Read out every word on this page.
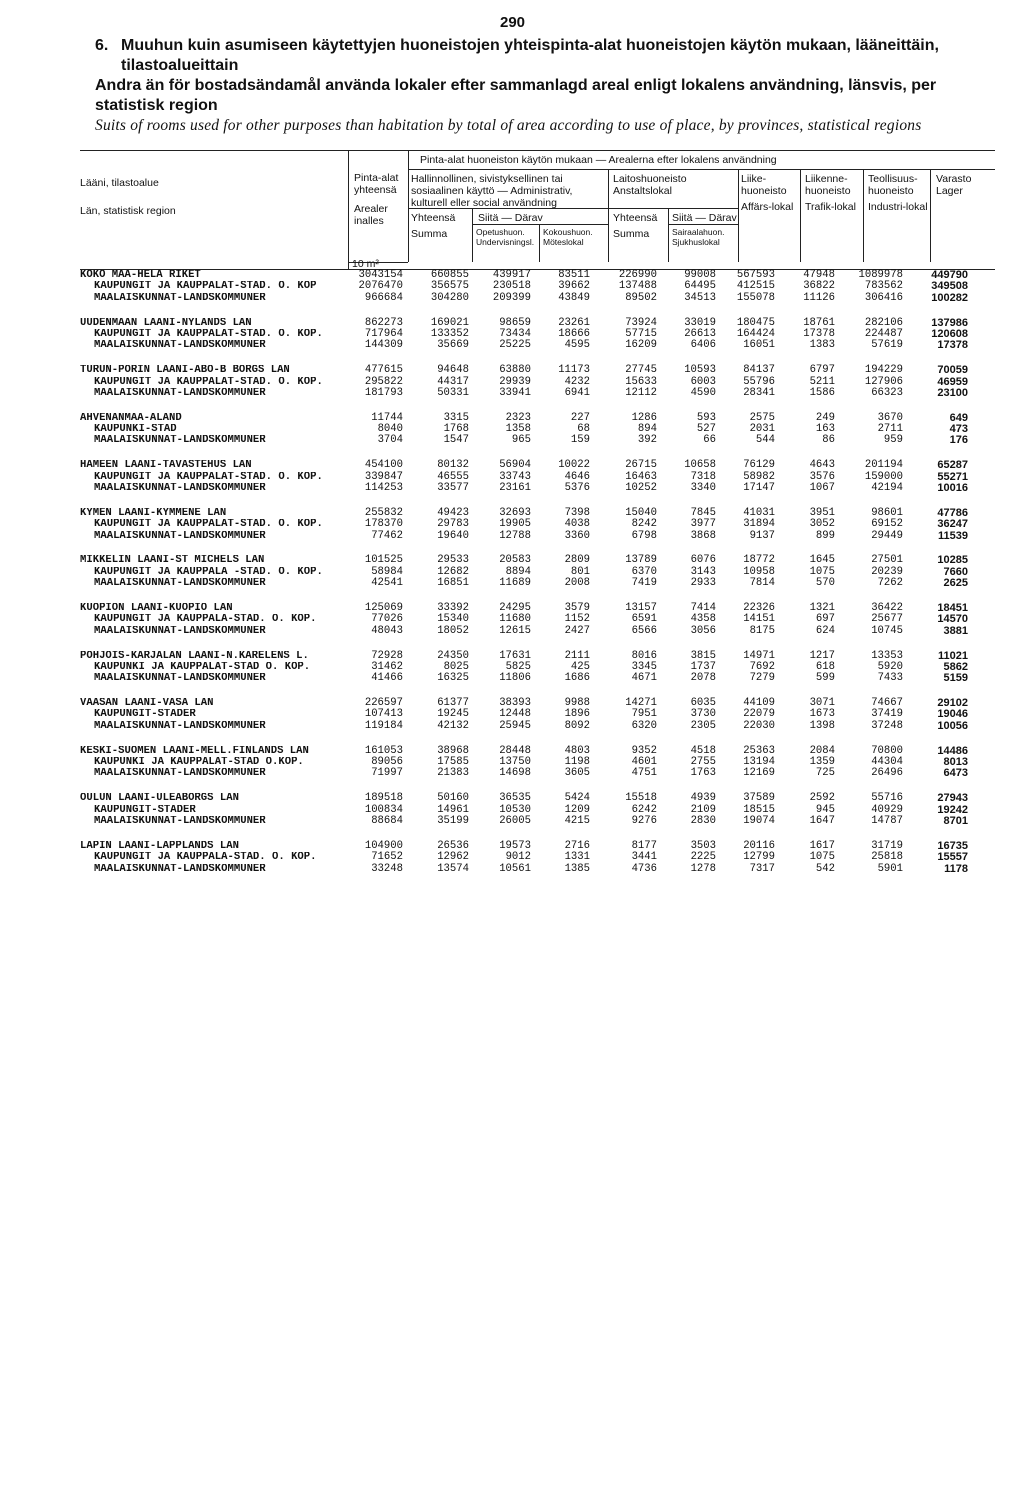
290
6. Muuhun kuin asumiseen käytettyjen huoneistojen yhteispinta-alat huoneistojen käytön mukaan, lääneittäin, tilastoalueittain
Andra än för bostadsändamål använda lokaler efter sammanlagd areal enligt lokalens användning, länsvis, per statistisk region
Suits of rooms used for other purposes than habitation by total of area according to use of place, by provinces, statistical regions
Lääni, tilastoalue
Län, statistisk region
Pinta-alat yhteensä
Arealer inalles
10 m²
Pinta-alat huoneiston käytön mukaan — Arealerna efter lokalens användning
Hallinnollinen, sivistyksellinen tai sosiaalinen käyttö — Administrativ, kulturell eller social användning
Yhteensä
Summa
Siitä — Därav
Opetushuon. Undervisningsl.
Kokoushuon. Möteslokal
Laitoshuoneisto Anstaltslokal
Yhteensä
Summa
Siitä — Därav
Sairaalahuon. Sjukhuslokal
Liike-huoneisto
Affärs-lokal
Liikenne-huoneisto
Trafik-lokal
Teollisuus-huoneisto
Industri-lokal
Varasto
Lager
KOKO MAA-HELA RIKET	3043154	660855	439917	83511	226990	99008	567593	47948	1089978	449790
KAUPUNGIT JA KAUPPALAT-STÄD. O. KÖP	2076470	356575	230518	39662	137488	64495	412515	36822	783562	349508
MAALAISKUNNAT-LANDSKOMMUNER	966684	304280	209399	43849	89502	34513	155078	11126	306416	100282
UUDENMAAN LÄÄNI-NYLANDS LÄN	862273	169021	98659	23261	73924	33019	180475	18761	282106	137986
KAUPUNGIT JA KAUPPALAT-STÄD. O. KÖP.	717964	133352	73434	18666	57715	26613	164424	17378	224487	120608
MAALAISKUNNAT-LANDSKOMMUNER	144309	35669	25225	4595	16209	6406	16051	1383	57619	17378
TURUN-PORIN LÄÄNI-ÅBO-B BORGS LÄN	477615	94648	63880	11173	27745	10593	84137	6797	194229	70059
KAUPUNGIT JA KAUPPALAT-STÄD. O. KÖP.	295822	44317	29939	4232	15633	6003	55796	5211	127906	46959
MAALAISKUNNAT-LANDSKOMMUNER	181793	50331	33941	6941	12112	4590	28341	1586	66323	23100
AHVENANMAA-ÅLAND	11744	3315	2323	227	1286	593	2575	249	3670	649
KAUPUNKI-STAD	8040	1768	1358	68	894	527	2031	163	2711	473
MAALAISKUNNAT-LANDSKOMMUNER	3704	1547	965	159	392	66	544	86	959	176
HÄMEEN LÄÄNI-TAVASTEHUS LÄN	454100	80132	56904	10022	26715	10658	76129	4643	201194	65287
KAUPUNGIT JA KAUPPALAT-STÄD. O. KÖP.	339847	46555	33743	4646	16463	7318	58982	3576	159000	55271
MAALAISKUNNAT-LANDSKOMMUNER	114253	33577	23161	5376	10252	3340	17147	1067	42194	10016
KYMEN LÄÄNI-KYMMENE LÄN	255832	49423	32693	7398	15040	7845	41031	3951	98601	47786
KAUPUNGIT JA KAUPPALAT-STÄD. O. KÖP.	178370	29783	19905	4038	8242	3977	31894	3052	69152	36247
MAALAISKUNNAT-LANDSKOMMUNER	77462	19640	12788	3360	6798	3868	9137	899	29449	11539
MIKKELIN LÄÄNI-ST MICHELS LÄN	101525	29533	20583	2809	13789	6076	18772	1645	27501	10285
KAUPUNGIT JA KAUPPALA -STÄD. O. KÖP.	58984	12682	8894	801	6370	3143	10958	1075	20239	7660
MAALAISKUNNAT-LANDSKOMMUNER	42541	16851	11689	2008	7419	2933	7814	570	7262	2625
KUOPION LÄÄNI-KUOPIO LÄN	125069	33392	24295	3579	13157	7414	22326	1321	36422	18451
KAUPUNGIT JA KAUPPALA-STÄD. O. KÖP.	77026	15340	11680	1152	6591	4358	14151	697	25677	14570
MAALAISKUNNAT-LANDSKOMMUNER	48043	18052	12615	2427	6566	3056	8175	624	10745	3881
POHJOIS-KARJALAN LÄÄNI-N.KARELENS L.	72928	24350	17631	2111	8016	3815	14971	1217	13353	11021
KAUPUNKI JA KAUPPALAT-STAD O. KÖP.	31462	8025	5825	425	3345	1737	7692	618	5920	5862
MAALAISKUNNAT-LANDSKOMMUNER	41466	16325	11806	1686	4671	2078	7279	599	7433	5159
VAASAN LÄÄNI-VASA LÄN	226597	61377	38393	9988	14271	6035	44109	3071	74667	29102
KAUPUNGIT-STÄDER	107413	19245	12448	1896	7951	3730	22079	1673	37419	19046
MAALAISKUNNAT-LANDSKOMMUNER	119184	42132	25945	8092	6320	2305	22030	1398	37248	10056
KESKI-SUOMEN LÄÄNI-MELL.FINLANDS LÄN	161053	38968	28448	4803	9352	4518	25363	2084	70800	14486
KAUPUNKI JA KAUPPALAT-STAD O.KÖP.	89056	17585	13750	1198	4601	2755	13194	1359	44304	8013
MAALAISKUNNAT-LANDSKOMMUNER	71997	21383	14698	3605	4751	1763	12169	725	26496	6473
OULUN LÄÄNI-ULEÅBORGS LÄN	189518	50160	36535	5424	15518	4939	37589	2592	55716	27943
KAUPUNGIT-STÄDER	100834	14961	10530	1209	6242	2109	18515	945	40929	19242
MAALAISKUNNAT-LANDSKOMMUNER	88684	35199	26005	4215	9276	2830	19074	1647	14787	8701
LAPIN LÄÄNI-LAPPLANDS LÄN	104900	26536	19573	2716	8177	3503	20116	1617	31719	16735
KAUPUNGIT JA KAUPPALA-STÄD. O. KÖP.	71652	12962	9012	1331	3441	2225	12799	1075	25818	15557
MAALAISKUNNAT-LANDSKOMMUNER	33248	13574	10561	1385	4736	1278	7317	542	5901	1178
